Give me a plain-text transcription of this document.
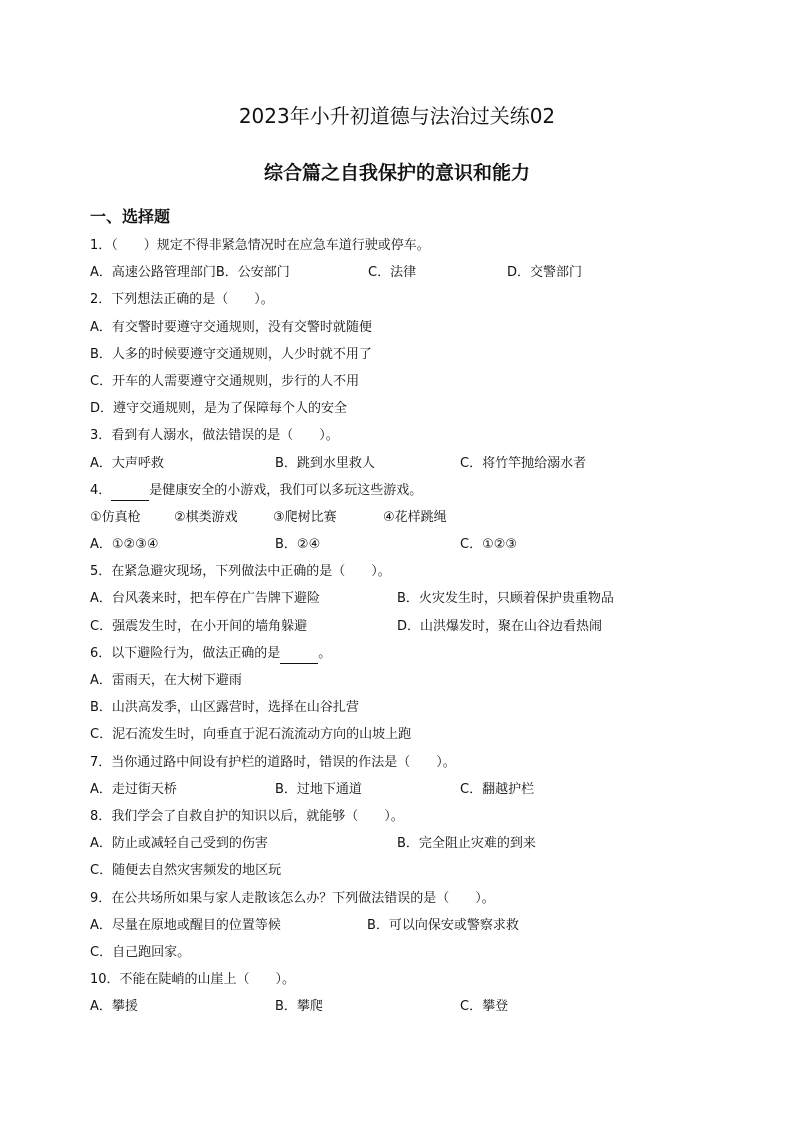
2023年小升初道德与法治过关练02
综合篇之自我保护的意识和能力
一、选择题
1．（　　）规定不得非紧急情况时在应急车道行驶或停车。
A．高速公路管理部门B．公安部门	C．法律	D．交警部门
2．下列想法正确的是（　　）。
A．有交警时要遵守交通规则，没有交警时就随便
B．人多的时候要遵守交通规则，人少时就不用了
C．开车的人需要遵守交通规则，步行的人不用
D．遵守交通规则，是为了保障每个人的安全
3．看到有人溺水，做法错误的是（　　）。
A．大声呼救	B．跳到水里救人	C．将竹竿抛给溺水者
4．	是健康安全的小游戏，我们可以多玩这些游戏。
①仿真枪	②棋类游戏	③爬树比赛	④花样跳绳
A．①②③④	B．②④	C．①②③
5．在紧急避灾现场，下列做法中正确的是（　　）。
A．台风袭来时，把车停在广告牌下避险	B．火灾发生时，只顾着保护贵重物品
C．强震发生时，在小开间的墙角躲避	D．山洪爆发时，聚在山谷边看热闹
6．以下避险行为，做法正确的是	。
A．雷雨天，在大树下避雨
B．山洪高发季，山区露营时，选择在山谷扎营
C．泥石流发生时，向垂直于泥石流流动方向的山坡上跑
7．当你通过路中间设有护栏的道路时，错误的作法是（　　）。
A．走过街天桥	B．过地下通道	C．翻越护栏
8．我们学会了自救自护的知识以后，就能够（　　）。
A．防止或减轻自己受到的伤害	B．完全阻止灾难的到来
C．随便去自然灾害频发的地区玩
9．在公共场所如果与家人走散该怎么办？下列做法错误的是（　　）。
A．尽量在原地或醒目的位置等候	B．可以向保安或警察求救
C．自己跑回家。
10．不能在陡峭的山崖上（　　）。
A．攀援	B．攀爬	C．攀登
